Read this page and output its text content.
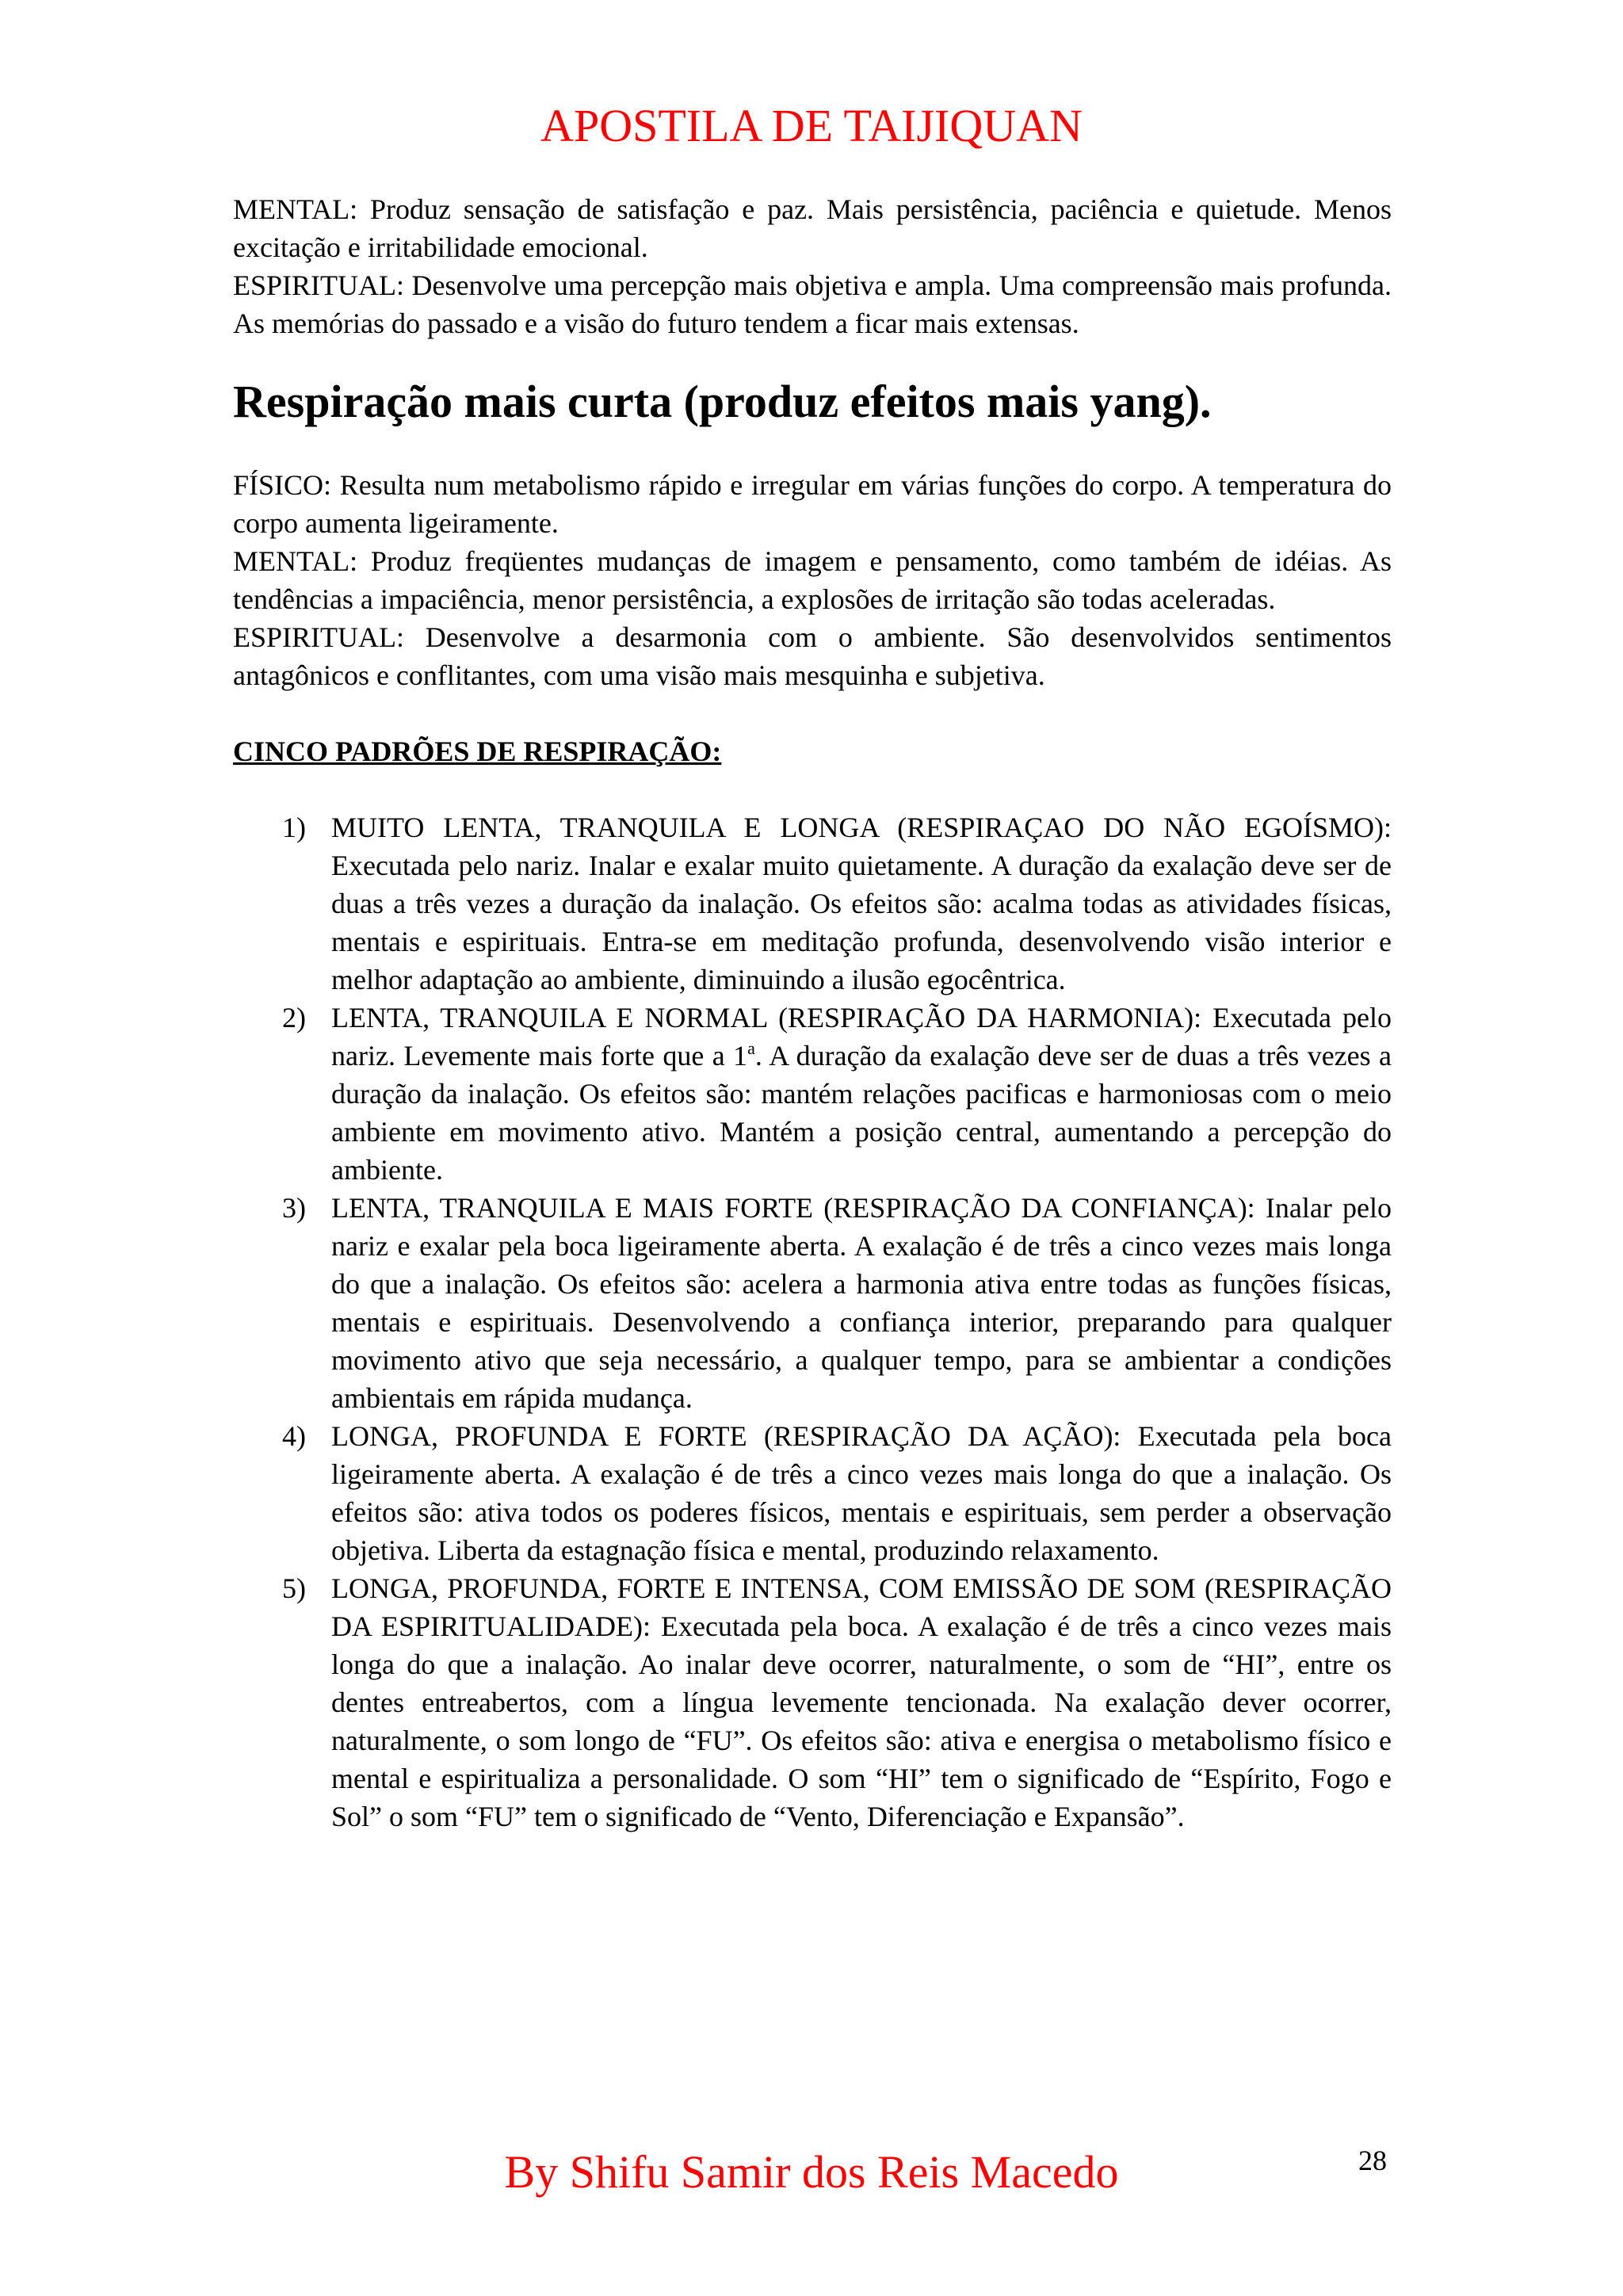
APOSTILA DE TAIJIQUAN

MENTAL: Produz sensação de satisfação e paz. Mais persistência, paciência e quietude. Menos excitação e irritabilidade emocional.

ESPIRITUAL: Desenvolve uma percepção mais objetiva e ampla. Uma compreensão mais profunda. As memórias do passado e a visão do futuro tendem a ficar mais extensas.

Respiração mais curta (produz efeitos mais yang).

FÍSICO: Resulta num metabolismo rápido e irregular em várias funções do corpo. A temperatura do corpo aumenta ligeiramente.

MENTAL: Produz freqüentes mudanças de imagem e pensamento, como também de idéias. As tendências a impaciência, menor persistência, a explosões de irritação são todas aceleradas.

ESPIRITUAL: Desenvolve a desarmonia com o ambiente. São desenvolvidos sentimentos antagônicos e conflitantes, com uma visão mais mesquinha e subjetiva.

CINCO PADRÕES DE RESPIRAÇÃO:

1) MUITO LENTA, TRANQUILA E LONGA (RESPIRAÇAO DO NÃO EGOÍSMO): Executada pelo nariz. Inalar e exalar muito quietamente. A duração da exalação deve ser de duas a três vezes a duração da inalação. Os efeitos são: acalma todas as atividades físicas, mentais e espirituais. Entra-se em meditação profunda, desenvolvendo visão interior e melhor adaptação ao ambiente, diminuindo a ilusão egocêntrica.
2) LENTA, TRANQUILA E NORMAL (RESPIRAÇÃO DA HARMONIA): Executada pelo nariz. Levemente mais forte que a 1$^a$. A duração da exalação deve ser de duas a três vezes a duração da inalação. Os efeitos são: mantém relações pacificas e harmoniosas com o meio ambiente em movimento ativo. Mantém a posição central, aumentando a percepção do ambiente.
3) LENTA, TRANQUILA E MAIS FORTE (RESPIRAÇÃO DA CONFIANÇA): Inalar pelo nariz e exalar pela boca ligeiramente aberta. A exalação é de três a cinco vezes mais longa do que a inalação. Os efeitos são: acelera a harmonia ativa entre todas as funções físicas, mentais e espirituais. Desenvolvendo a confiança interior, preparando para qualquer movimento ativo que seja necessário, a qualquer tempo, para se ambientar a condições ambientais em rápida mudança.
4) LONGA, PROFUNDA E FORTE (RESPIRAÇÃO DA AÇÃO): Executada pela boca ligeiramente aberta. A exalação é de três a cinco vezes mais longa do que a inalação. Os efeitos são: ativa todos os poderes físicos, mentais e espirituais, sem perder a observação objetiva. Liberta da estagnação física e mental, produzindo relaxamento.
5) LONGA, PROFUNDA, FORTE E INTENSA, COM EMISSÃO DE SOM (RESPIRAÇÃO DA ESPIRITUALIDADE): Executada pela boca. A exalação é de três a cinco vezes mais longa do que a inalação. Ao inalar deve ocorrer, naturalmente, o som de “HI”, entre os dentes entreabertos, com a língua levemente tencionada. Na exalação dever ocorrer, naturalmente, o som longo de “FU”. Os efeitos são: ativa e energisa o metabolismo físico e mental e espiritualiza a personalidade. O som “HI” tem o significado de “Espírito, Fogo e Sol” o som “FU” tem o significado de “Vento, Diferenciação e Expansão”.
By Shifu Samir dos Reis Macedo	28
